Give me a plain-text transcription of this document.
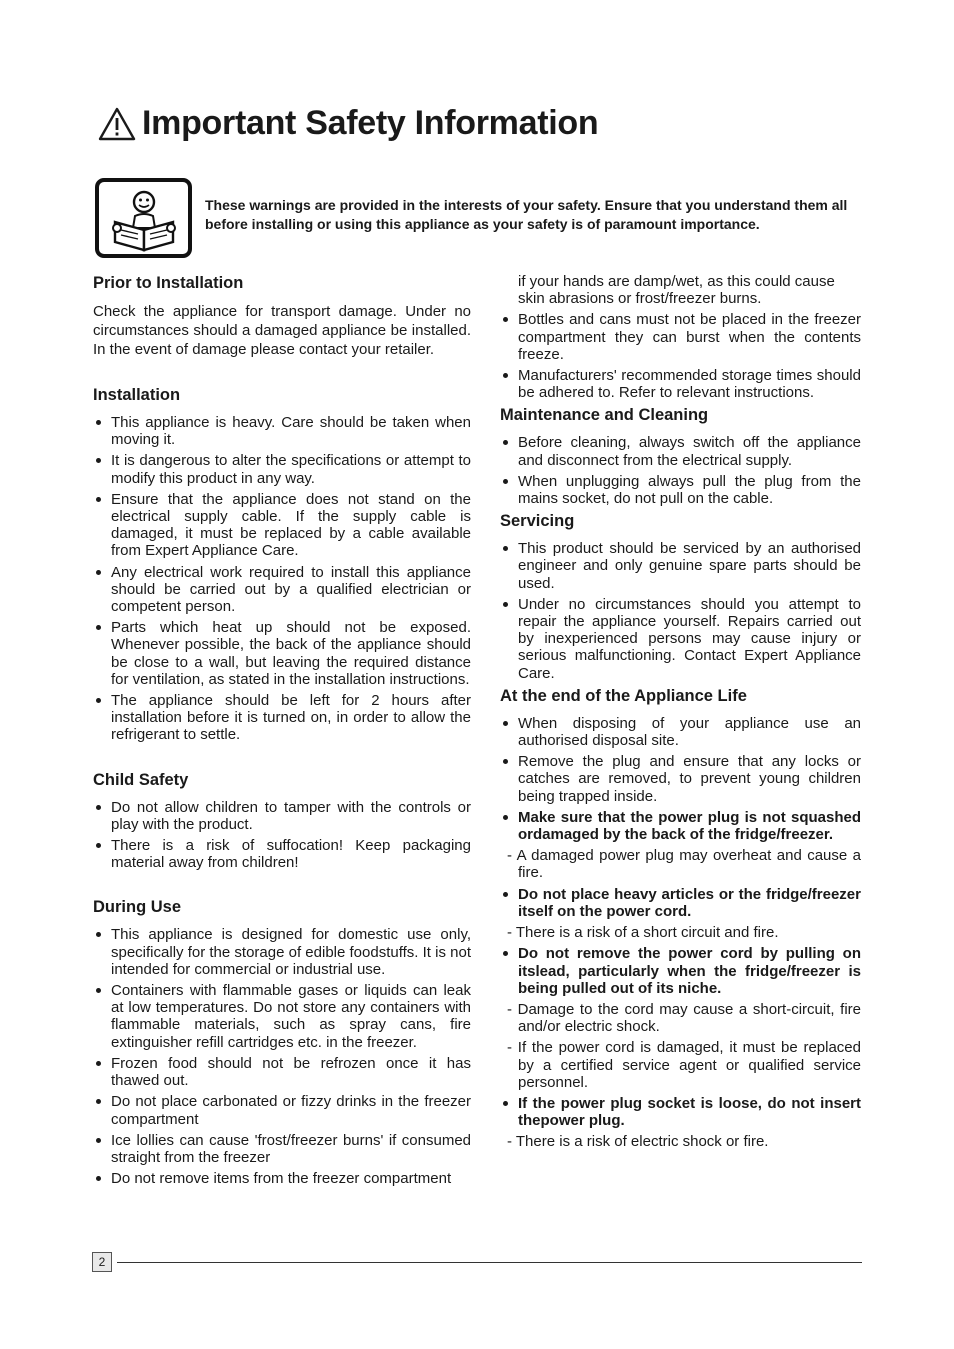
Important Safety Information

These warnings are provided in the interests of your safety. Ensure that you understand them all before installing or using this appliance as your safety is of paramount importance.

Prior to Installation

Check the appliance for transport damage. Under no circumstances should a damaged appliance be installed. In the event of damage please contact your retailer.

Installation
This appliance is heavy. Care should be taken when moving it.
It is dangerous to alter the specifications or attempt to modify this product in any way.
Ensure that the appliance does not stand on the electrical supply cable. If the supply cable is damaged, it must be replaced by a cable available from Expert Appliance Care.
Any electrical work required to install this appliance should be carried out by a qualified electrician or competent person.
Parts which heat up should not be exposed. Whenever possible, the back of the appliance should be close to a wall, but leaving the required distance for ventilation, as stated in the installation instructions.
The appliance should be left for 2 hours after installation before it is turned on, in order to allow the refrigerant to settle.
Child Safety
Do not allow children to tamper with the controls or play with the product.
There is a risk of suffocation! Keep packaging material away from children!
During Use
This appliance is designed for domestic use only, specifically for the storage of edible foodstuffs. It is not intended for commercial or industrial use.
Containers with flammable gases or liquids can leak at low temperatures. Do not store any containers with flammable materials, such as spray cans, fire extinguisher refill cartridges etc. in the freezer.
Frozen food should not be refrozen once it has thawed out.
Do not place carbonated or fizzy drinks in the freezer compartment
Ice lollies can cause 'frost/freezer burns' if consumed straight from the freezer
Do not remove items from the freezer compartment

if your hands are damp/wet, as this could cause skin abrasions or frost/freezer burns.

Bottles and cans must not be placed in the freezer compartment they can burst when the contents freeze.
Manufacturers' recommended storage times should be adhered to. Refer to relevant instructions.
Maintenance and Cleaning
Before cleaning, always switch off the appliance and disconnect from the electrical supply.
When unplugging always pull the plug from the mains socket, do not pull on the cable.
Servicing
This product should be serviced by an authorised engineer and only genuine spare parts should be used.
Under no circumstances should you attempt to repair the appliance yourself. Repairs carried out by inexperienced persons may cause injury or serious malfunctioning. Contact Expert Appliance Care.
At the end of the Appliance Life
When disposing of your appliance use an authorised disposal site.
Remove the plug and ensure that any locks or catches are removed, to prevent young children being trapped inside.
Make sure that the power plug is not squashed ordamaged by the back of the fridge/freezer.

- A damaged power plug may overheat and cause a fire.

Do not place heavy articles or the fridge/freezer itself on the power cord.

- There is a risk of a short circuit and fire.

Do not remove the power cord by pulling on itslead, particularly when the fridge/freezer is being pulled out of its niche.

- Damage to the cord may cause a short-circuit, fire and/or electric shock.

- If the power cord is damaged, it must be replaced by a certified service agent or qualified service personnel.

If the power plug socket is loose, do not insert thepower plug.

- There is a risk of electric shock or fire.

2
